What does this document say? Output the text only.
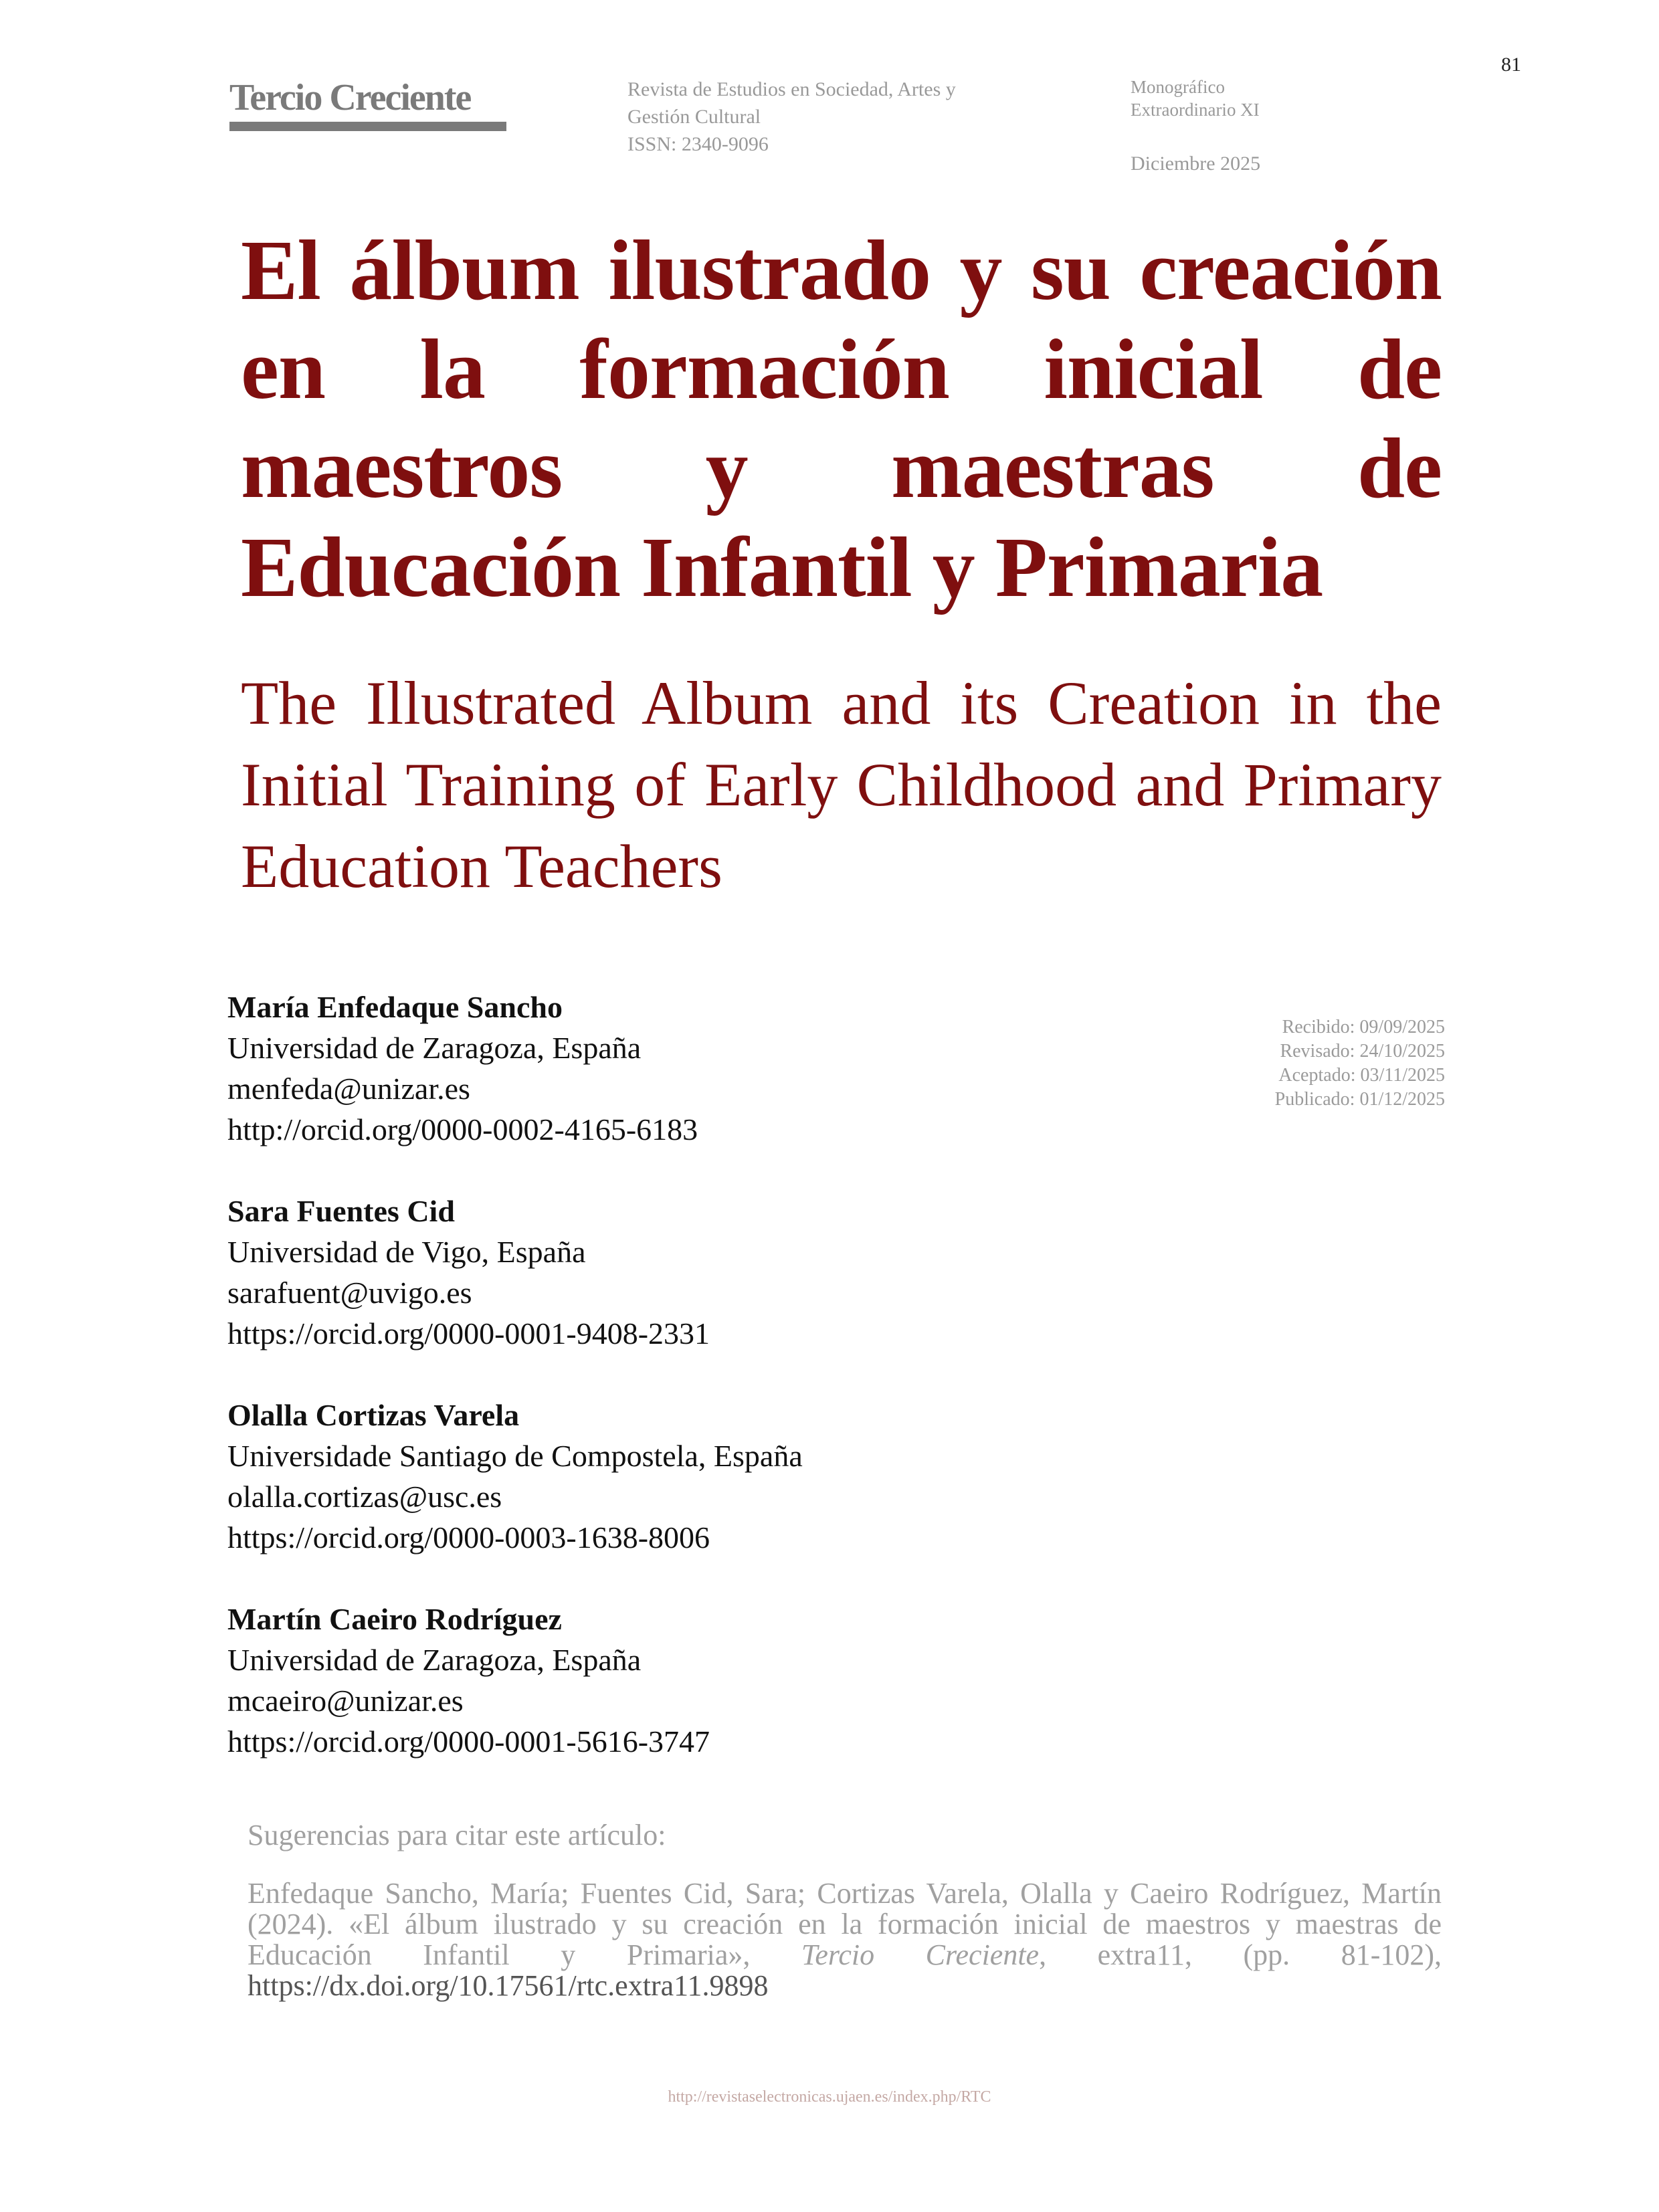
81
Tercio Creciente	Revista de Estudios en Sociedad, Artes y
Gestión Cultural
ISSN: 2340-9096
Monográfico
Extraordinario XI
Diciembre 2025
El álbum ilustrado y su creación en la formación inicial de maestros y maestras de Educación Infantil y Primaria
The Illustrated Album and its Creation in the Initial Training of Early Childhood and Primary Education Teachers
María Enfedaque Sancho
Universidad de Zaragoza, España
menfeda@unizar.es
http://orcid.org/0000-0002-4165-6183
Sara Fuentes Cid
Universidad de Vigo, España
sarafuent@uvigo.es
https://orcid.org/0000-0001-9408-2331
Olalla Cortizas Varela
Universidade Santiago de Compostela, España
olalla.cortizas@usc.es
https://orcid.org/0000-0003-1638-8006
Martín Caeiro Rodríguez
Universidad de Zaragoza, España
mcaeiro@unizar.es
https://orcid.org/0000-0001-5616-3747
Recibido: 09/09/2025
Revisado: 24/10/2025
Aceptado: 03/11/2025
Publicado: 01/12/2025
Sugerencias para citar este artículo:
Enfedaque Sancho, María; Fuentes Cid, Sara; Cortizas Varela, Olalla y Caeiro Rodríguez, Martín (2024). «El álbum ilustrado y su creación en la formación inicial de maestros y maestras de Educación Infantil y Primaria», Tercio Creciente, extra11, (pp. 81-102), https://dx.doi.org/10.17561/rtc.extra11.9898
http://revistaselectronicas.ujaen.es/index.php/RTC
